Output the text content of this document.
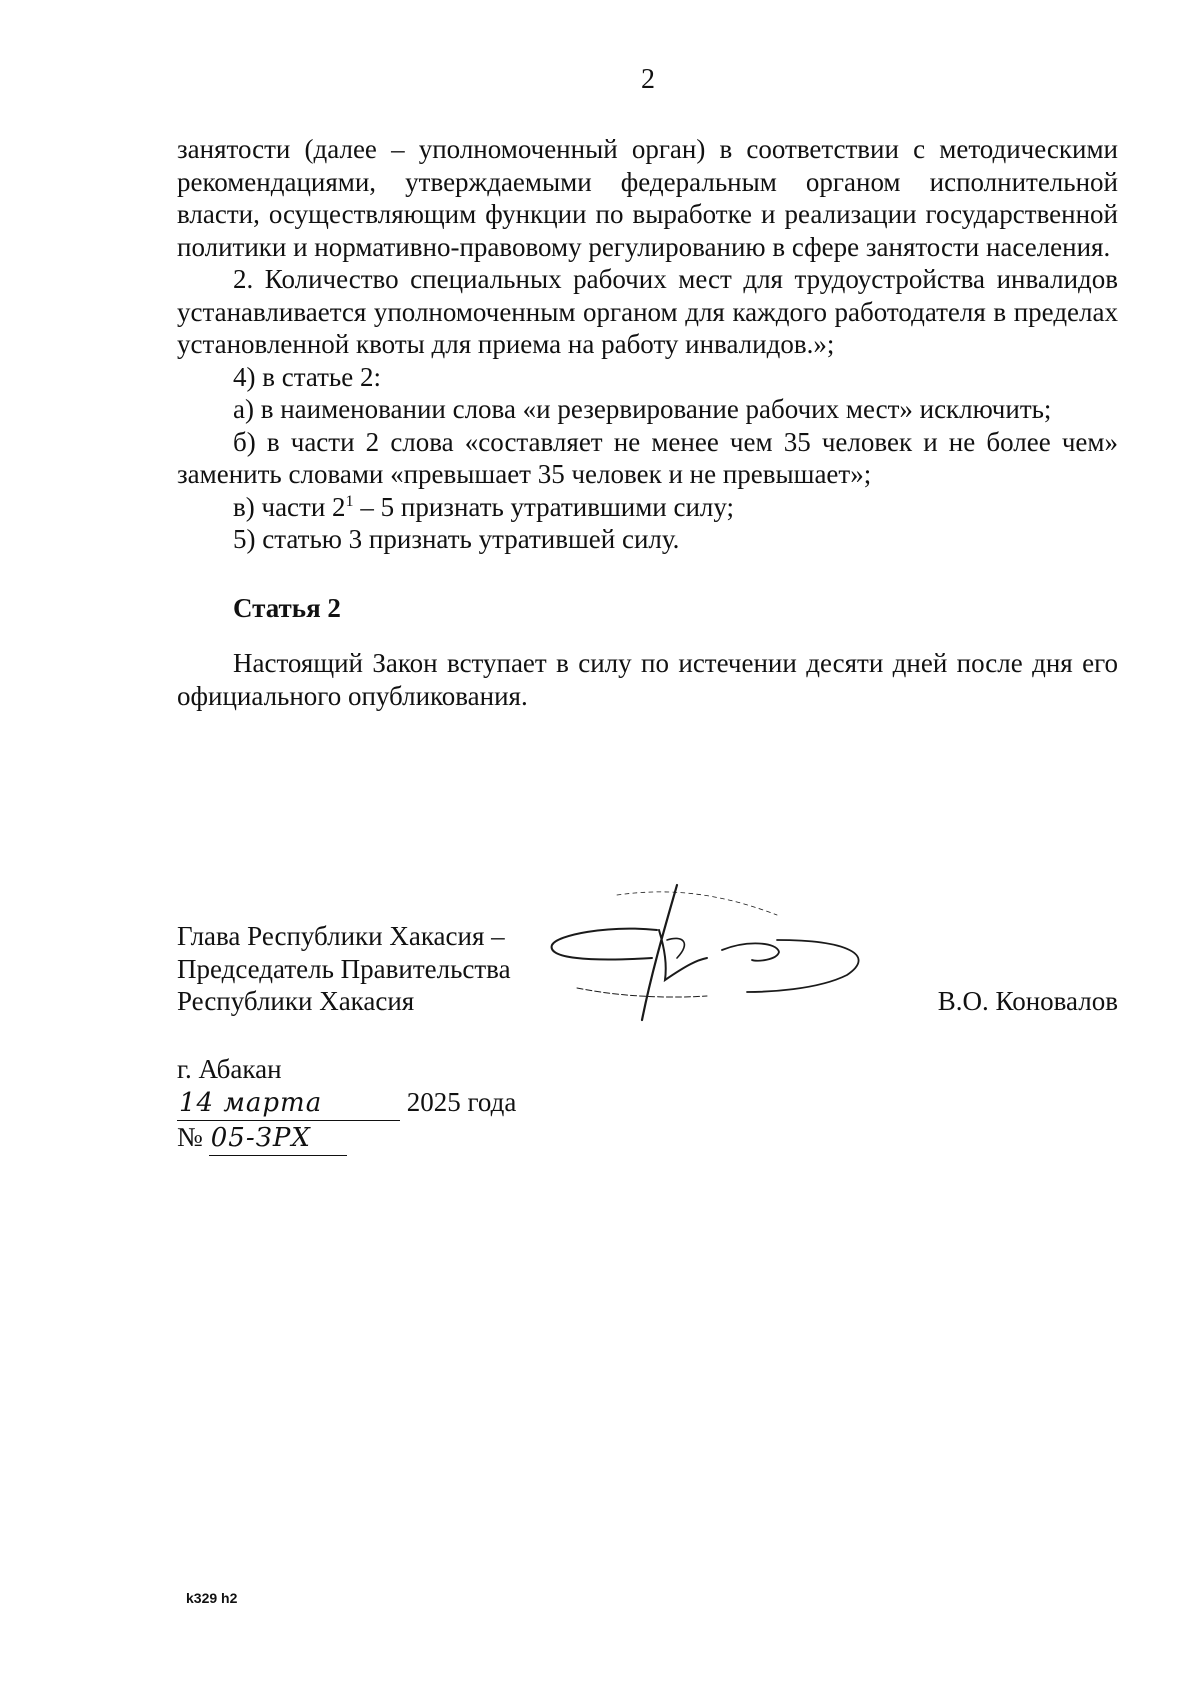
2

занятости (далее – уполномоченный орган) в соответствии с методическими рекомендациями, утверждаемыми федеральным органом исполнительной власти, осуществляющим функции по выработке и реализации государственной политики и нормативно-правовому регулированию в сфере занятости населения.

2. Количество специальных рабочих мест для трудоустройства инвалидов устанавливается уполномоченным органом для каждого работодателя в пределах установленной квоты для приема на работу инвалидов.»;

4) в статье 2:

а) в наименовании слова «и резервирование рабочих мест» исключить;

б) в части 2 слова «составляет не менее чем 35 человек и не более чем» заменить словами «превышает 35 человек и не превышает»;

в) части $2^1 - 5$ признать утратившими силу;

5) статью 3 признать утратившей силу.

Статья 2

Настоящий Закон вступает в силу по истечении десяти дней после дня его официального опубликования.

Глава Республики Хакасия –
Председатель Правительства
Республики Хакасия	В.О. Коновалов
г. Абакан
14 марта	2025 года
№ 05-ЗРХ
k329 h2
